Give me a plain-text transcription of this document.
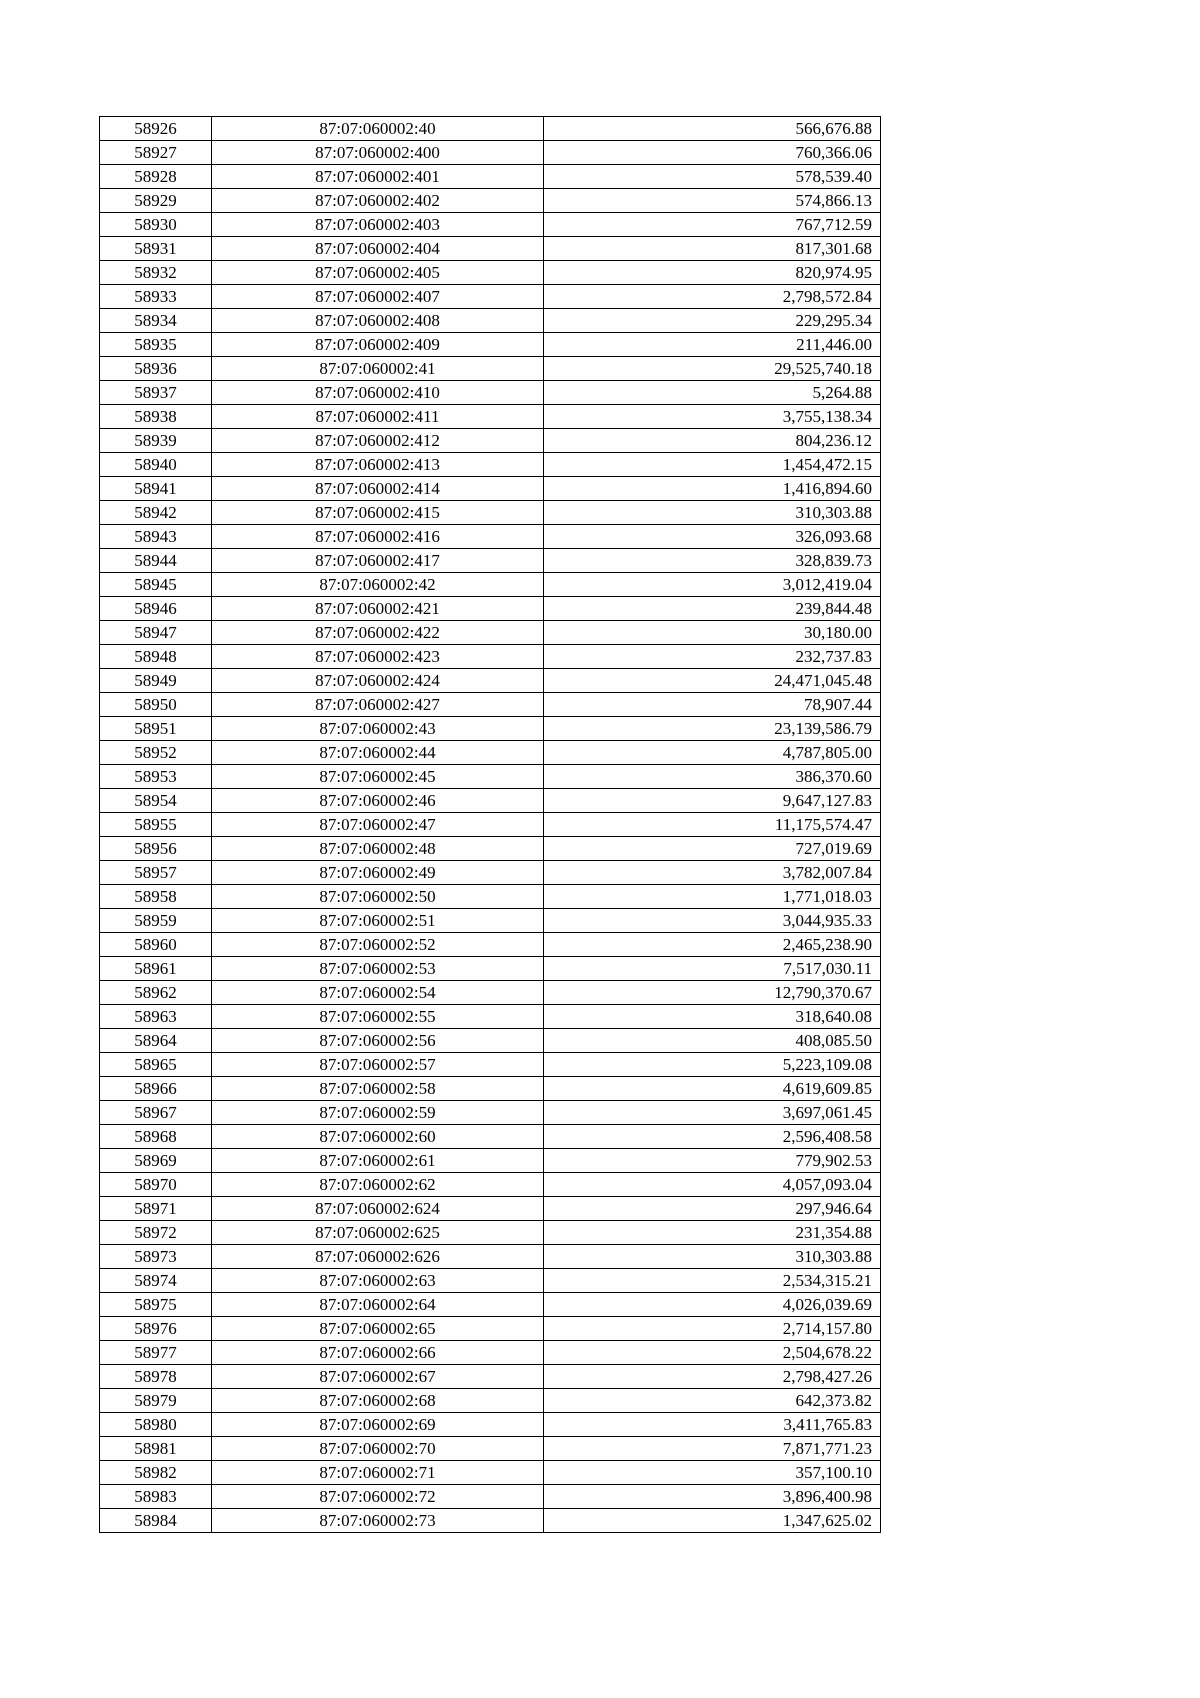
58926	87:07:060002:40	566,676.88
58927	87:07:060002:400	760,366.06
58928	87:07:060002:401	578,539.40
58929	87:07:060002:402	574,866.13
58930	87:07:060002:403	767,712.59
58931	87:07:060002:404	817,301.68
58932	87:07:060002:405	820,974.95
58933	87:07:060002:407	2,798,572.84
58934	87:07:060002:408	229,295.34
58935	87:07:060002:409	211,446.00
58936	87:07:060002:41	29,525,740.18
58937	87:07:060002:410	5,264.88
58938	87:07:060002:411	3,755,138.34
58939	87:07:060002:412	804,236.12
58940	87:07:060002:413	1,454,472.15
58941	87:07:060002:414	1,416,894.60
58942	87:07:060002:415	310,303.88
58943	87:07:060002:416	326,093.68
58944	87:07:060002:417	328,839.73
58945	87:07:060002:42	3,012,419.04
58946	87:07:060002:421	239,844.48
58947	87:07:060002:422	30,180.00
58948	87:07:060002:423	232,737.83
58949	87:07:060002:424	24,471,045.48
58950	87:07:060002:427	78,907.44
58951	87:07:060002:43	23,139,586.79
58952	87:07:060002:44	4,787,805.00
58953	87:07:060002:45	386,370.60
58954	87:07:060002:46	9,647,127.83
58955	87:07:060002:47	11,175,574.47
58956	87:07:060002:48	727,019.69
58957	87:07:060002:49	3,782,007.84
58958	87:07:060002:50	1,771,018.03
58959	87:07:060002:51	3,044,935.33
58960	87:07:060002:52	2,465,238.90
58961	87:07:060002:53	7,517,030.11
58962	87:07:060002:54	12,790,370.67
58963	87:07:060002:55	318,640.08
58964	87:07:060002:56	408,085.50
58965	87:07:060002:57	5,223,109.08
58966	87:07:060002:58	4,619,609.85
58967	87:07:060002:59	3,697,061.45
58968	87:07:060002:60	2,596,408.58
58969	87:07:060002:61	779,902.53
58970	87:07:060002:62	4,057,093.04
58971	87:07:060002:624	297,946.64
58972	87:07:060002:625	231,354.88
58973	87:07:060002:626	310,303.88
58974	87:07:060002:63	2,534,315.21
58975	87:07:060002:64	4,026,039.69
58976	87:07:060002:65	2,714,157.80
58977	87:07:060002:66	2,504,678.22
58978	87:07:060002:67	2,798,427.26
58979	87:07:060002:68	642,373.82
58980	87:07:060002:69	3,411,765.83
58981	87:07:060002:70	7,871,771.23
58982	87:07:060002:71	357,100.10
58983	87:07:060002:72	3,896,400.98
58984	87:07:060002:73	1,347,625.02
